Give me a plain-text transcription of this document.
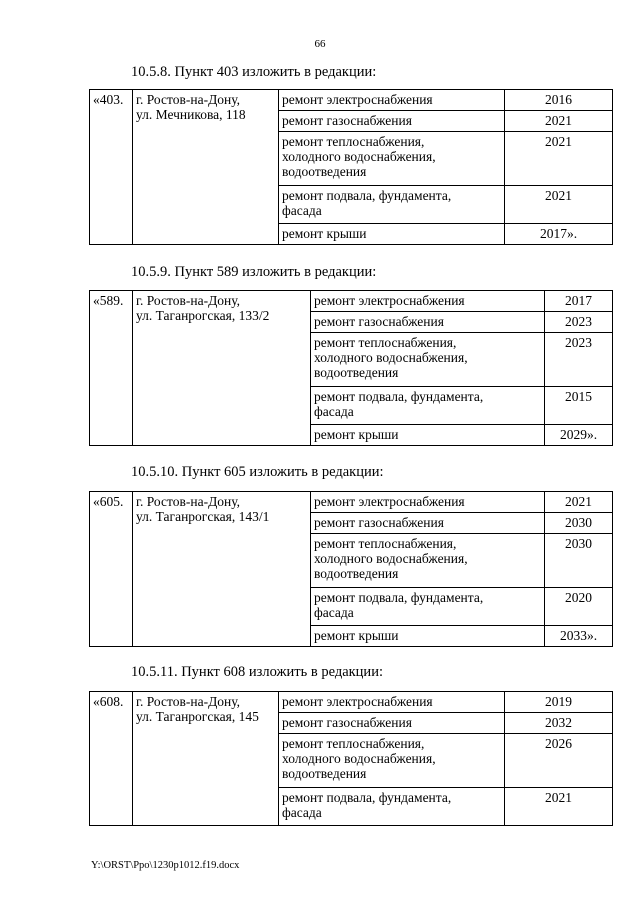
66
10.5.8. Пункт 403 изложить в редакции:
«403.	г. Ростов-на-Дону,
ул. Мечникова, 118	ремонт электроснабжения	2016
		ремонт газоснабжения	2021
		ремонт теплоснабжения,
холодного водоснабжения,
водоотведения	2021
		ремонт подвала, фундамента,
фасада	2021
		ремонт крыши	2017».
10.5.9. Пункт 589 изложить в редакции:
«589.	г. Ростов-на-Дону,
ул. Таганрогская, 133/2	ремонт электроснабжения	2017
		ремонт газоснабжения	2023
		ремонт теплоснабжения,
холодного водоснабжения,
водоотведения	2023
		ремонт подвала, фундамента,
фасада	2015
		ремонт крыши	2029».
10.5.10. Пункт 605 изложить в редакции:
«605.	г. Ростов-на-Дону,
ул. Таганрогская, 143/1	ремонт электроснабжения	2021
		ремонт газоснабжения	2030
		ремонт теплоснабжения,
холодного водоснабжения,
водоотведения	2030
		ремонт подвала, фундамента,
фасада	2020
		ремонт крыши	2033».
10.5.11. Пункт 608 изложить в редакции:
«608.	г. Ростов-на-Дону,
ул. Таганрогская, 145	ремонт электроснабжения	2019
		ремонт газоснабжения	2032
		ремонт теплоснабжения,
холодного водоснабжения,
водоотведения	2026
		ремонт подвала, фундамента,
фасада	2021
Y:\ORST\Ppo\1230p1012.f19.docx
